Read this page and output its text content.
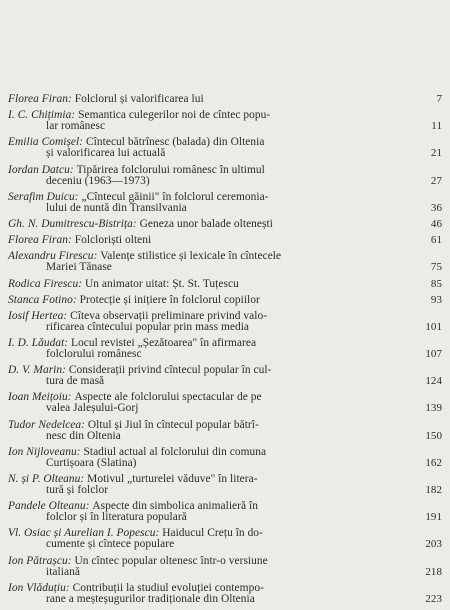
Florea Firan: Folclorul și valorificarea lui	7
I. C. Chițimia: Semantica culegerilor noi de cîntec popu-
lar românesc	11
Emilia Comișel: Cîntecul bătrînesc (balada) din Oltenia
și valorificarea lui actuală	21
Iordan Datcu: Tipărirea folclorului românesc în ultimul
deceniu (1963—1973)	27
Serafim Duicu: „Cîntecul găinii" în folclorul ceremonia-
lului de nuntă din Transilvania	36
Gh. N. Dumitrescu-Bistrița: Geneza unor balade oltenești	46
Florea Firan: Folcloriști olteni	61
Alexandru Firescu: Valențe stilistice și lexicale în cîntecele
Mariei Tănase	75
Rodica Firescu: Un animator uitat: Șt. St. Tuțescu	85
Stanca Fotino: Protecție și inițiere în folclorul copiilor	93
Iosif Hertea: Cîteva observații preliminare privind valo-
rificarea cîntecului popular prin mass media	101
I. D. Lăudat: Locul revistei „Șezătoarea" în afirmarea
folclorului românesc	107
D. V. Marin: Considerații privind cîntecul popular în cul-
tura de masă	124
Ioan Meițoiu: Aspecte ale folclorului spectacular de pe
valea Jaleșului-Gorj	139
Tudor Nedelcea: Oltul și Jiul în cîntecul popular bătrî-
nesc din Oltenia	150
Ion Nijloveanu: Stadiul actual al folclorului din comuna
Curtișoara (Slatina)	162
N. și P. Olteanu: Motivul „turturelei văduve" în litera-
tură și folclor	182
Pandele Olteanu: Aspecte din simbolica animalieră în
folclor și în literatura populară	191
Vl. Osiac și Aurelian I. Popescu: Haiducul Crețu în do-
cumente și cîntece populare	203
Ion Pătrașcu: Un cîntec popular oltenesc într-o versiune
italiană	218
Ion Vlăduțiu: Contribuții la studiul evoluției contempo-
rane a meșteșugurilor tradiționale din Oltenia	223
